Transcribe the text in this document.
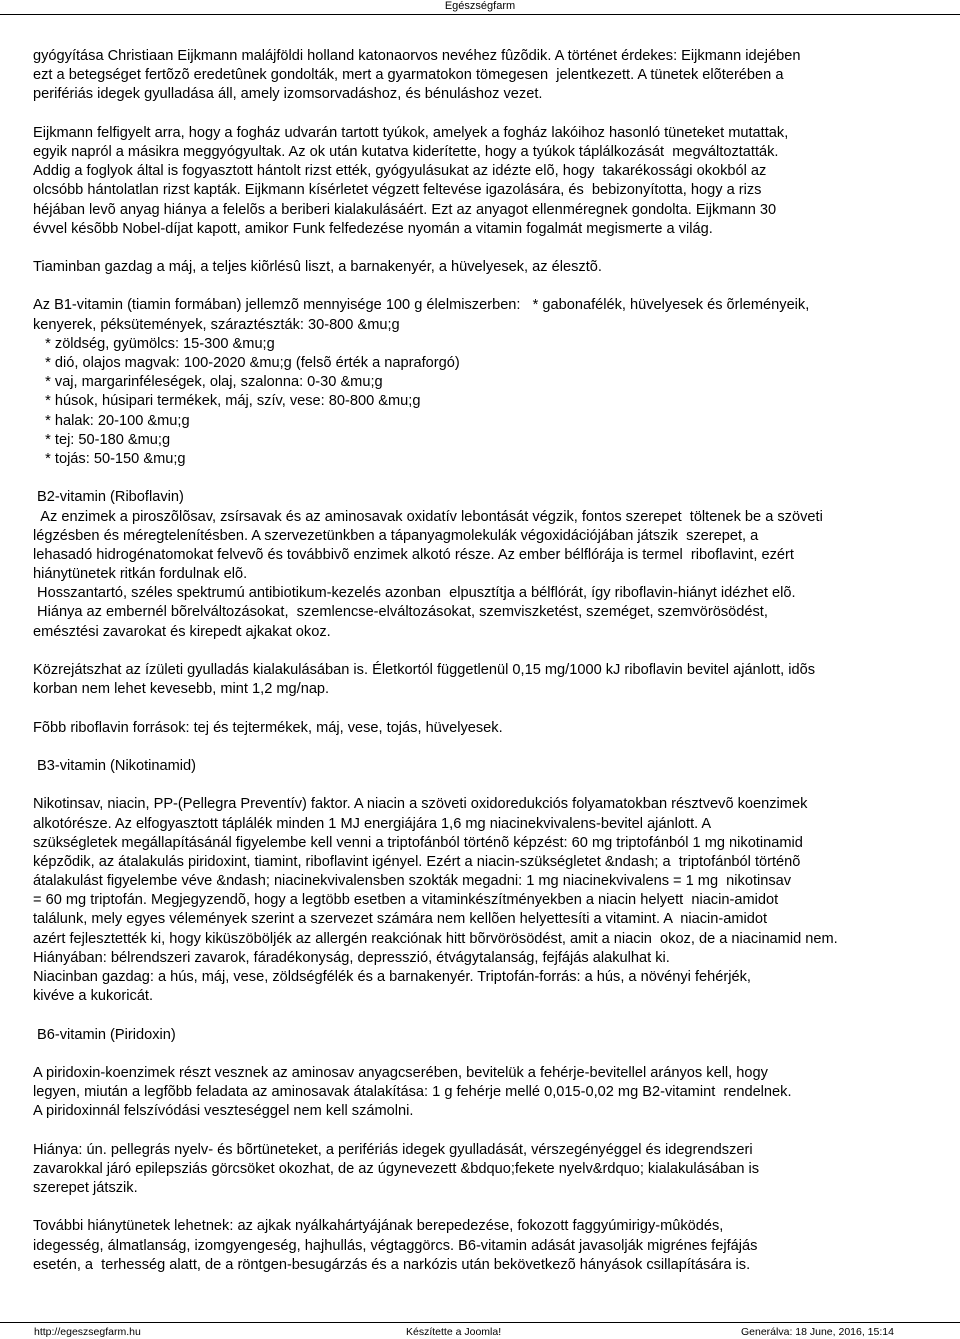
Egészségfarm
gyógyítása Christiaan Eijkmann malájföldi holland katonaorvos nevéhez fûzõdik. A történet érdekes: Eijkmann idejében
ezt a betegséget fertõzõ eredetûnek gondolták, mert a gyarmatokon tömegesen  jelentkezett. A tünetek elõterében a
perifériás idegek gyulladása áll, amely izomsorvadáshoz, és bénuláshoz vezet.
Eijkmann felfigyelt arra, hogy a fogház udvarán tartott tyúkok, amelyek a fogház lakóihoz hasonló tüneteket mutattak,
egyik napról a másikra meggyógyultak. Az ok után kutatva kiderítette, hogy a tyúkok táplálkozását  megváltoztatták.
Addig a foglyok által is fogyasztott hántolt rizst ették, gyógyulásukat az idézte elõ, hogy  takarékossági okokból az
olcsóbb hántolatlan rizst kapták. Eijkmann kísérletet végzett feltevése igazolására, és  bebizonyította, hogy a rizs
héjában levõ anyag hiánya a felelõs a beriberi kialakulásáért. Ezt az anyagot ellenméregnek gondolta. Eijkmann 30
évvel késõbb Nobel-díjat kapott, amikor Funk felfedezése nyomán a vitamin fogalmát megismerte a világ.
Tiaminban gazdag a máj, a teljes kiõrlésû liszt, a barnakenyér, a hüvelyesek, az élesztõ.
Az B1-vitamin (tiamin formában) jellemzõ mennyisége 100 g élelmiszerben:   * gabonafélék, hüvelyesek és õrleményeik,
kenyerek, péksütemények, száraztészták: 30-800 &mu;g
* zöldség, gyümölcs: 15-300 &mu;g
* dió, olajos magvak: 100-2020 &mu;g (felsõ érték a napraforgó)
* vaj, margarinféleségek, olaj, szalonna: 0-30 &mu;g
* húsok, húsipari termékek, máj, szív, vese: 80-800 &mu;g
* halak: 20-100 &mu;g
* tej: 50-180 &mu;g
* tojás: 50-150 &mu;g
B2-vitamin (Riboflavin)
Az enzimek a piroszõlõsav, zsírsavak és az aminosavak oxidatív lebontását végzik, fontos szerepet  töltenek be a szöveti
légzésben és méregtelenítésben. A szervezetünkben a tápanyagmolekulák végoxidációjában játszik  szerepet, a
lehasadó hidrogénatomokat felvevõ és továbbivõ enzimek alkotó része. Az ember bélflórája is termel  riboflavint, ezért
hiánytünetek ritkán fordulnak elõ.
Hosszantartó, széles spektrumú antibiotikum-kezelés azonban  elpusztítja a bélflórát, így riboflavin-hiányt idézhet elõ.
Hiánya az embernél bõrelváltozásokat,  szemlencse-elváltozásokat, szemviszketést, szeméget, szemvörösödést,
emésztési zavarokat és kirepedt ajkakat okoz.
Közrejátszhat az ízületi gyulladás kialakulásában is. Életkortól függetlenül 0,15 mg/1000 kJ riboflavin bevitel ajánlott, idõs
korban nem lehet kevesebb, mint 1,2 mg/nap.
Fõbb riboflavin források: tej és tejtermékek, máj, vese, tojás, hüvelyesek.
B3-vitamin (Nikotinamid)
Nikotinsav, niacin, PP-(Pellegra Preventív) faktor. A niacin a szöveti oxidoredukciós folyamatokban résztvevõ koenzimek
alkotórésze. Az elfogyasztott táplálék minden 1 MJ energiájára 1,6 mg niacinekvivalens-bevitel ajánlott. A
szükségletek megállapításánál figyelembe kell venni a triptofánból történõ képzést: 60 mg triptofánból 1 mg nikotinamid
képzõdik, az átalakulás piridoxint, tiamint, riboflavint igényel. Ezért a niacin-szükségletet &ndash; a  triptofánból történõ
átalakulást figyelembe véve &ndash; niacinekvivalensben szokták megadni: 1 mg niacinekvivalens = 1 mg  nikotinsav
= 60 mg triptofán. Megjegyzendõ, hogy a legtöbb esetben a vitaminkészítményekben a niacin helyett  niacin-amidot
találunk, mely egyes vélemények szerint a szervezet számára nem kellõen helyettesíti a vitamint. A  niacin-amidot
azért fejlesztették ki, hogy kiküszöböljék az allergén reakciónak hitt bõrvörösödést, amit a niacin  okoz, de a niacinamid nem.
Hiányában: bélrendszeri zavarok, fáradékonyság, depresszió, étvágytalanság, fejfájás alakulhat ki.
Niacinban gazdag: a hús, máj, vese, zöldségfélék és a barnakenyér. Triptofán-forrás: a hús, a növényi fehérjék,
kivéve a kukoricát.
B6-vitamin (Piridoxin)
A piridoxin-koenzimek részt vesznek az aminosav anyagcserében, bevitelük a fehérje-bevitellel arányos kell, hogy
legyen, miután a legfõbb feladata az aminosavak átalakítása: 1 g fehérje mellé 0,015-0,02 mg B2-vitamint  rendelnek.
A piridoxinnál felszívódási veszteséggel nem kell számolni.
Hiánya: ún. pellegrás nyelv- és bõrtüneteket, a perifériás idegek gyulladását, vérszegényéggel és idegrendszeri
zavarokkal járó epilepsziás görcsöket okozhat, de az úgynevezett &bdquo;fekete nyelv&rdquo; kialakulásában is
szerepet játszik.
További hiánytünetek lehetnek: az ajkak nyálkahártyájának berepedezése, fokozott faggyúmirigy-mûködés,
idegesség, álmatlanság, izomgyengeség, hajhullás, végtaggörcs. B6-vitamin adását javasolják migrénes fejfájás
esetén, a  terhesség alatt, de a röntgen-besugárzás és a narkózis után bekövetkezõ hányások csillapítására is.
http://egeszsegfarm.hu	Készítette a Joomla!	Generálva: 18 June, 2016, 15:14
